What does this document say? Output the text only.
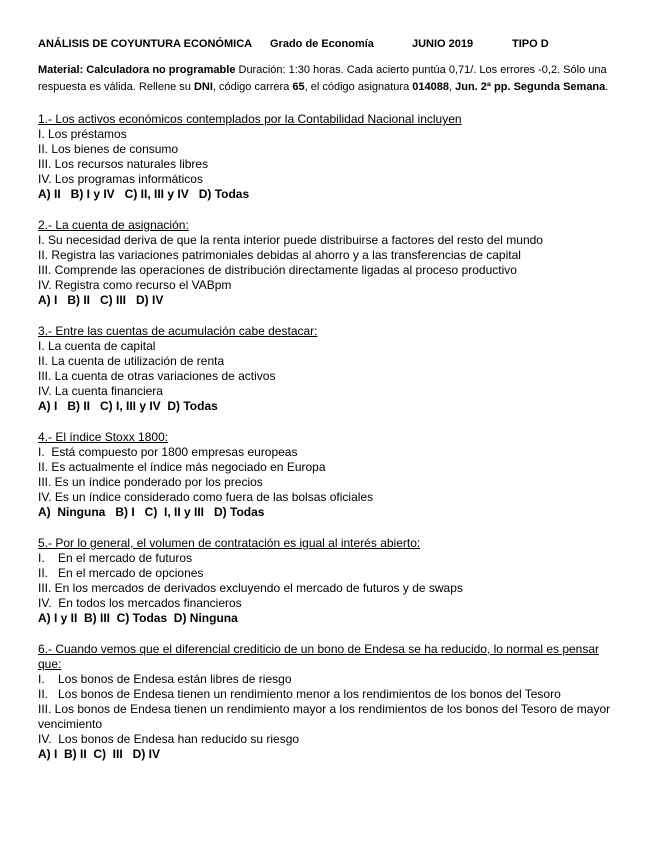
ANÁLISIS DE COYUNTURA ECONÓMICA Grado de Economía	JUNIO 2019	TIPO D
Material: Calculadora no programable Duración: 1:30 horas. Cada acierto puntúa 0,71/. Los errores -0,2. Sólo una respuesta es válida. Rellene su DNI, código carrera 65, el código asignatura 014088, Jun. 2ª pp. Segunda Semana.
1.- Los activos económicos contemplados por la Contabilidad Nacional incluyen
I. Los préstamos
II. Los bienes de consumo
III. Los recursos naturales libres
IV. Los programas informáticos
A) II   B) I y IV   C) II, III y IV   D) Todas
2.- La cuenta de asignación:
I. Su necesidad deriva de que la renta interior puede distribuirse a factores del resto del mundo
II. Registra las variaciones patrimoniales debidas al ahorro y a las transferencias de capital
III. Comprende las operaciones de distribución directamente ligadas al proceso productivo
IV. Registra como recurso el VABpm
A) I   B) II   C) III   D) IV
3.- Entre las cuentas de acumulación cabe destacar:
I. La cuenta de capital
II. La cuenta de utilización de renta
III. La cuenta de otras variaciones de activos
IV. La cuenta financiera
A) I   B) II   C) I, III y IV  D) Todas
4.- El índice Stoxx 1800:
I.  Está compuesto por 1800 empresas europeas
II. Es actualmente el índice más negociado en Europa
III. Es un índice ponderado por los precios
IV. Es un índice considerado como fuera de las bolsas oficiales
A)  Ninguna   B) I   C)  I, II y III   D) Todas
5.- Por lo general, el volumen de contratación es igual al interés abierto:
I.    En el mercado de futuros
II.   En el mercado de opciones
III. En los mercados de derivados excluyendo el mercado de futuros y de swaps
IV.  En todos los mercados financieros
A) I y II  B) III  C) Todas  D) Ninguna
6.- Cuando vemos que el diferencial crediticio de un bono de Endesa se ha reducido, lo normal es pensar que:
I.    Los bonos de Endesa están libres de riesgo
II.   Los bonos de Endesa tienen un rendimiento menor a los rendimientos de los bonos del Tesoro
III. Los bonos de Endesa tienen un rendimiento mayor a los rendimientos de los bonos del Tesoro de mayor vencimiento
IV.  Los bonos de Endesa han reducido su riesgo
A) I  B) II  C)  III   D) IV
